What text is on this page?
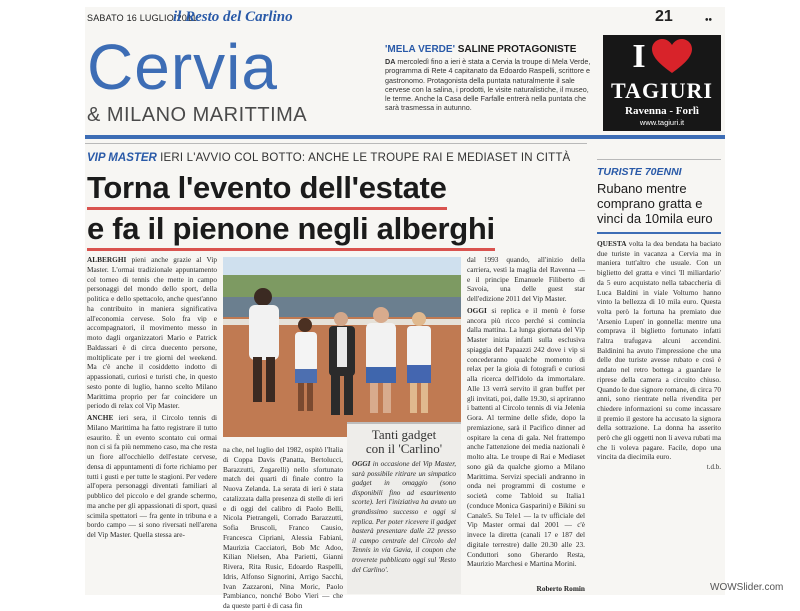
SABATO 16 LUGLIO 2011
il Resto del Carlino	21	••
Cervia
& MILANO MARITTIMA
'MELA VERDE' SALINE PROTAGONISTE
DA mercoledì fino a ieri è stata a Cervia la troupe di Mela Verde, programma di Rete 4 capitanato da Edoardo Raspelli, scrittore e gastronomo. Protagonista della puntata naturalmente il sale cervese con la salina, i prodotti, le visite naturalistiche, il museo, le terme. Anche la Casa delle Farfalle entrerà nella puntata che sarà trasmessa in autunno.
I
TAGIURI
Ravenna - Forlì
www.tagiuri.it
VIP MASTER IERI L'AVVIO COL BOTTO: ANCHE LE TROUPE RAI E MEDIASET IN CITTÀ
Torna l'evento dell'estate
e fa il pienone negli alberghi

ALBERGHI pieni anche grazie al Vip Master. L'ormai tradizionale appuntamento col torneo di tennis che mette in campo personaggi del mondo dello sport, della politica e dello spettacolo, anche quest'anno ha contribuito in maniera significativa all'economia cervese. Solo fra vip e accompagnatori, il movimento messo in moto dagli organizzatori Mario e Patrick Baldassari è di circa duecento persone, moltiplicate per i tre giorni del weekend. Ma c'è anche il cosiddetto indotto di appassionati, curiosi e turisti che, in questo sesto ponte di luglio, hanno scelto Milano Marittima proprio per far coincidere un periodo di relax col Vip Master.

ANCHE ieri sera, il Circolo tennis di Milano Marittima ha fatto registrare il tutto esaurito. È un evento scontato cui ormai non ci si fa più nemmeno caso, ma che resta un fiore all'occhiello dell'estate cervese, densa di appuntamenti di forte richiamo per tutti i gusti e per tutte le stagioni. Per vedere all'opera personaggi diventati familiari al pubblico del piccolo e del grande schermo, ma anche per gli appassionati di sport, quasi scimila spettatori — fra gente in tribuna e a bordo campo — si sono riversati nell'arena del Vip Master. Quella stessa are-

na che, nel luglio del 1982, ospitò l'Italia di Coppa Davis (Panatta, Bertolucci, Barazzutti, Zugarelli) nello sfortunato match dei quarti di finale contro la Nuova Zelanda. La serata di ieri è stata catalizzata dalla presenza di stelle di ieri e di oggi del calibro di Paolo Belli, Nicola Pietrangeli, Corrado Barazzutti, Sofia Bruscoli, Franco Causio, Francesca Cipriani, Alessia Fabiani, Maurizia Cacciatori, Bob Mc Adoo, Kilian Nielsen, Aba Parietti, Gianni Rivera, Rita Rusic, Edoardo Raspelli, Idris, Alfonso Signorini, Arrigo Sacchi, Ivan Zazzaroni, Nina Moric, Paolo Pambianco, nonché Bobo Vieri — che da queste parti è di casa fin
Tanti gadget
con il 'Carlino'
OGGI in occasione del Vip Master, sarà possibile ritirare un simpatico gadget in omaggio (sono disponibili fino ad esaurimento scorte). Ieri l'iniziativa ha avuto un grandissimo successo e oggi si replica. Per poter ricevere il gadget basterà presentare dalle 22 presso il campo centrale del Circolo del Tennis in via Gavia, il coupon che troverete pubblicato oggi sul 'Resto del Carlino'.

dal 1993 quando, all'inizio della carriera, vestì la maglia del Ravenna — e il principe Emanuele Filiberto di Savoia, una delle guest star dell'edizione 2011 del Vip Master.

OGGI si replica e il menù è forse ancora più ricco perché si comincia dalla mattina. La lunga giornata del Vip Master inizia infatti sulla esclusiva spiaggia del Papaazzi 242 dove i vip si concederanno qualche momento di relax per la gioia di fotografi e curiosi alla ricerca dell'idolo da immortalare. Alle 13 verrà servito il gran buffet per gli invitati, poi, dalle 19.30, si apriranno i battenti al Circolo tennis di via Jelenia Gora. Al termine delle sfide, dopo la premiazione, sarà il Pacifico dinner ad ospitare la cena di gala. Nel frattempo anche l'attenzione dei media nazionali è molto alta. Le troupe di Rai e Mediaset sono già da qualche giorno a Milano Marittima. Servizi speciali andranno in onda nei programmi di costume e società come Tabloid su Italia1 (conduce Monica Gasparini) e Bikini su Canale5. Su Tele1 — la tv ufficiale del Vip Master ormai dal 2001 — c'è invece la diretta (canali 17 e 187 del digitale terrestre) dalle 20.30 alle 23. Conduttori sono Gherardo Resta, Maurizio Marchesi e Martina Morini.

Roberto Romin
TURISTE 70ENNI
Rubano mentre comprano gratta e vinci da 10mila euro
QUESTA volta la dea bendata ha baciato due turiste in vacanza a Cervia ma in maniera tutt'altro che usuale. Con un biglietto del gratta e vinci 'Il miliardario' da 5 euro acquistato nella tabaccheria di Luca Baldini in viale Volturno hanno vinto la bellezza di 10 mila euro. Questa volta però la fortuna ha premiato due 'Arsenio Lupen' in gonnella: mentre una comprava il biglietto fortunato infatti l'altra trafugava alcuni accendini. Baldinini ha avuto l'impressione che una delle due turiste avesse rubato e così è andato nel retro bottega a guardare le riprese della camera a circuito chiuso. Quando le due signore romane, di circa 70 anni, sono rientrate nella rivendita per chiedere informazioni su come incassare il premio il gestore ha accusato la signora della sottrazione. La donna ha asserito però che gli oggetti non li aveva rubati ma che li voleva pagare. Facile, dopo una vincita da diecimila euro.
t.d.b.
WOWSlider.com
